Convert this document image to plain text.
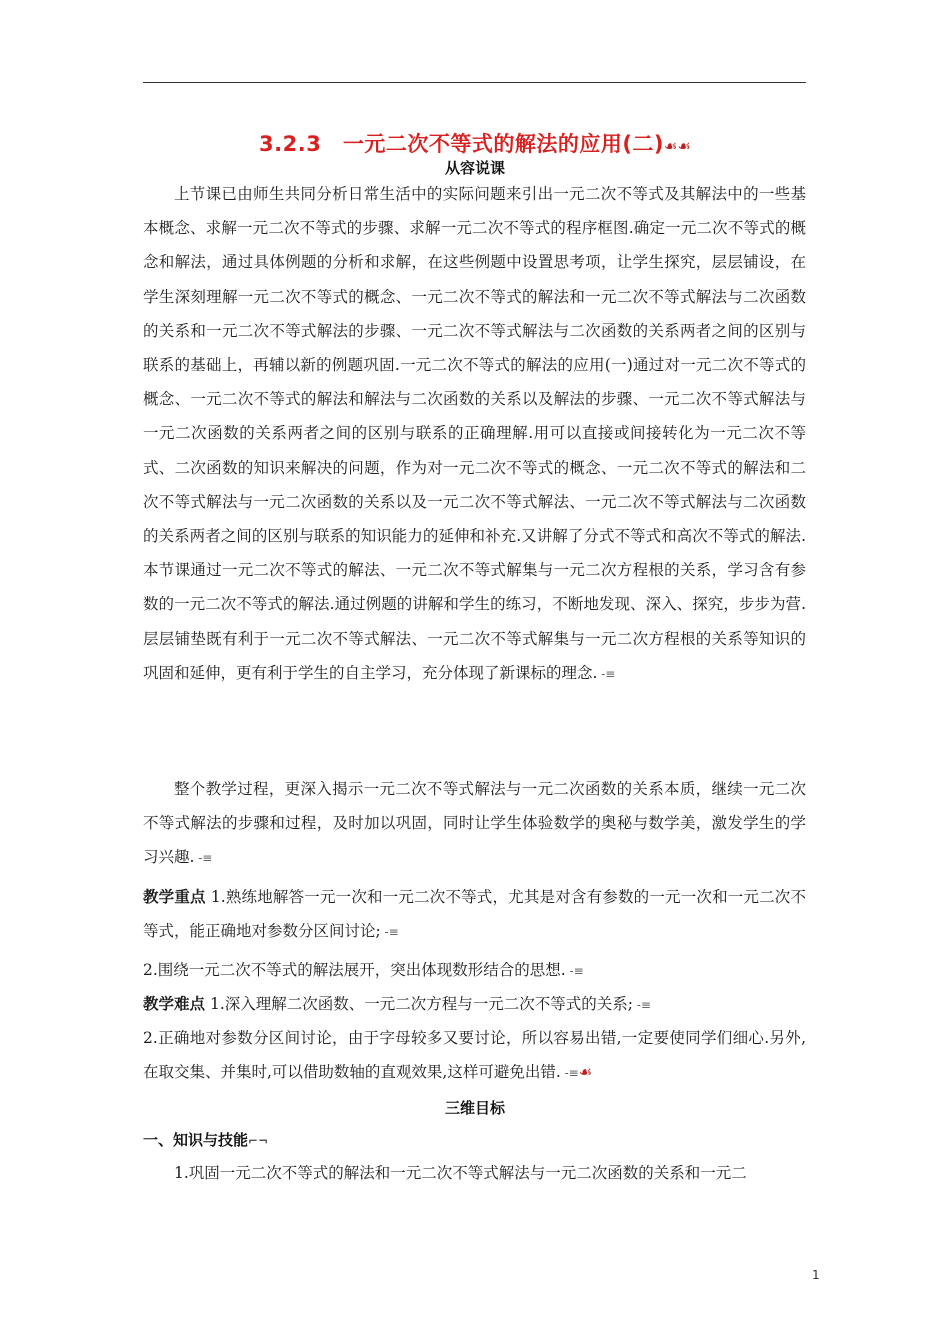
3.2.3　一元二次不等式的解法的应用(二)☙☙
从容说课
上节课已由师生共同分析日常生活中的实际问题来引出一元二次不等式及其解法中的一些基本概念、求解一元二次不等式的步骤、求解一元二次不等式的程序框图.确定一元二次不等式的概念和解法，通过具体例题的分析和求解，在这些例题中设置思考项，让学生探究，层层铺设，在学生深刻理解一元二次不等式的概念、一元二次不等式的解法和一元二次不等式解法与二次函数的关系和一元二次不等式解法的步骤、一元二次不等式解法与二次函数的关系两者之间的区别与联系的基础上，再辅以新的例题巩固.一元二次不等式的解法的应用(一)通过对一元二次不等式的概念、一元二次不等式的解法和解法与二次函数的关系以及解法的步骤、一元二次不等式解法与一元二次函数的关系两者之间的区别与联系的正确理解.用可以直接或间接转化为一元二次不等式、二次函数的知识来解决的问题，作为对一元二次不等式的概念、一元二次不等式的解法和二次不等式解法与一元二次函数的关系以及一元二次不等式解法、一元二次不等式解法与二次函数的关系两者之间的区别与联系的知识能力的延伸和补充.又讲解了分式不等式和高次不等式的解法.本节课通过一元二次不等式的解法、一元二次不等式解集与一元二次方程根的关系，学习含有参数的一元二次不等式的解法.通过例题的讲解和学生的练习，不断地发现、深入、探究，步步为营.层层铺垫既有利于一元二次不等式解法、一元二次不等式解集与一元二次方程根的关系等知识的巩固和延伸，更有利于学生的自主学习，充分体现了新课标的理念. -≡
整个教学过程，更深入揭示一元二次不等式解法与一元二次函数的关系本质，继续一元二次不等式解法的步骤和过程，及时加以巩固，同时让学生体验数学的奥秘与数学美，激发学生的学习兴趣. -≡
教学重点 1.熟练地解答一元一次和一元二次不等式，尤其是对含有参数的一元一次和一元二次不等式，能正确地对参数分区间讨论; -≡
2.围绕一元二次不等式的解法展开，突出体现数形结合的思想. -≡
教学难点 1.深入理解二次函数、一元二次方程与一元二次不等式的关系; -≡
2.正确地对参数分区间讨论，由于字母较多又要讨论，所以容易出错,一定要使同学们细心.另外,在取交集、并集时,可以借助数轴的直观效果,这样可避免出错. -≡☙
三维目标
一、知识与技能⌐¬
1.巩固一元二次不等式的解法和一元二次不等式解法与一元二次函数的关系和一元二
1
